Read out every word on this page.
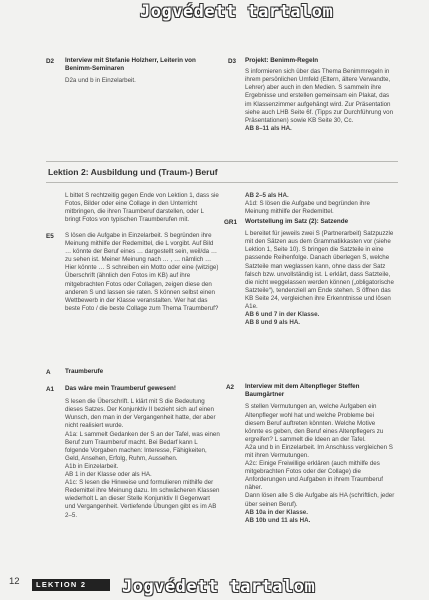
Jogvédett tartalom
D2 Interview mit Stefanie Holzherr, Leiterin von Benimm-Seminaren
D2a und b in Einzelarbeit.
D3 Projekt: Benimm-Regeln
S informieren sich über das Thema Benimmregeln in ihrem persönlichen Umfeld (Eltern, ältere Verwandte, Lehrer) aber auch in den Medien. S sammeln ihre Ergebnisse und erstellen gemeinsam ein Plakat, das im Klassenzimmer aufgehängt wird. Zur Präsentation siehe auch LHB Seite 6f. (Tipps zur Durchführung von Präsentationen) sowie KB Seite 30, Cc.
AB 8–11 als HA.
Lektion 2: Ausbildung und (Traum-) Beruf
L bittet S rechtzeitig gegen Ende von Lektion 1, dass sie Fotos, Bilder oder eine Collage in den Unterricht mitbringen, die ihren Traumberuf darstellen, oder L bringt Fotos von typischen Traumberufen mit.
E5 S lösen die Aufgabe in Einzelarbeit. S begründen ihre Meinung mithilfe der Redemittel, die L vorgibt. Auf Bild … könnte der Beruf eines … dargestellt sein, weil/da … zu sehen ist. Meiner Meinung nach … , … nämlich … Hier könnte … S schreiben ein Motto oder eine (witzige) Überschrift (ähnlich den Fotos im KB) auf ihre mitgebrachten Fotos oder Collagen, zeigen diese den anderen S und lassen sie raten. S können selbst einen Wettbewerb in der Klasse veranstalten. Wer hat das beste Foto / die beste Collage zum Thema Traumberuf?
A Traumberufe
A1 Das wäre mein Traumberuf gewesen!
S lesen die Überschrift. L klärt mit S die Bedeutung dieses Satzes. Der Konjunktiv II bezieht sich auf einen Wunsch, den man in der Vergangenheit hatte, der aber nicht realisiert wurde.
A1a: L sammelt Gedanken der S an der Tafel, was einen Beruf zum Traumberuf macht. Bei Bedarf kann L folgende Vorgaben machen: Interesse, Fähigkeiten, Geld, Ansehen, Erfolg, Ruhm, Aussehen.
A1b in Einzelarbeit.
AB 1 in der Klasse oder als HA.
A1c: S lesen die Hinweise und formulieren mithilfe der Redemittel ihre Meinung dazu. Im schwächeren Klassen wiederholt L an dieser Stelle Konjunktiv II Gegenwart und Vergangenheit. Vertiefende Übungen gibt es im AB 2–5.
AB 2–5 als HA.
A1d: S lösen die Aufgabe und begründen ihre Meinung mithilfe der Redemittel.
GR1 Wortstellung im Satz (2): Satzende
L bereitet für jeweils zwei S (Partnerarbeit) Satzpuzzle mit den Sätzen aus dem Grammatikkasten vor (siehe Lektion 1, Seite 10). S bringen die Satzteile in eine passende Reihenfolge. Danach überlegen S, welche Satzteile man weglassen kann, ohne dass der Satz falsch bzw. unvollständig ist. L erklärt, dass Satzteile, die nicht weggelassen werden können („obligatorische Satzteile“), tendenziell am Ende stehen. S öffnen das KB Seite 24, vergleichen ihre Erkenntnisse und lösen A1e.
AB 6 und 7 in der Klasse.
AB 8 und 9 als HA.
A2 Interview mit dem Altenpfleger Steffen Baumgärtner
S stellen Vermutungen an, welche Aufgaben ein Altenpfleger wohl hat und welche Probleme bei diesem Beruf auftreten könnten. Welche Motive könnte es geben, den Beruf eines Altenpflegers zu ergreifen? L sammelt die Ideen an der Tafel.
A2a und b in Einzelarbeit. Im Anschluss vergleichen S mit ihren Vermutungen.
A2c: Einige Freiwillige erklären (auch mithilfe des mitgebrachten Fotos oder der Collage) die Anforderungen und Aufgaben in ihrem Traumberuf näher.
Dann lösen alle S die Aufgabe als HA (schriftlich, jeder über seinen Beruf).
AB 10a in der Klasse.
AB 10b und 11 als HA.
12	LEKTION 2	Jogvédett tartalom
